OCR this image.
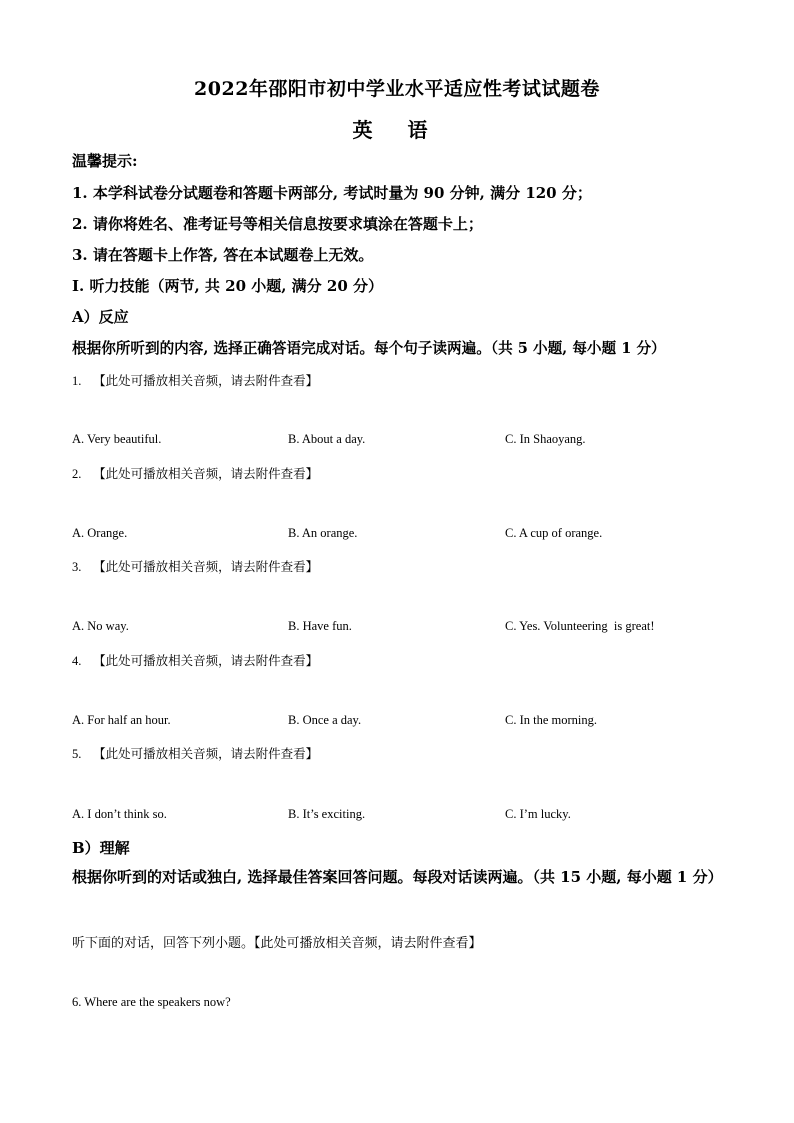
2022年邵阳市初中学业水平适应性考试试题卷
英 语
温馨提示:
1. 本学科试卷分试题卷和答题卡两部分, 考试时量为 90 分钟, 满分 120 分；
2. 请你将姓名、准考证号等相关信息按要求填涂在答题卡上；
3. 请在答题卡上作答, 答在本试题卷上无效。
I. 听力技能（两节, 共 20 小题, 满分 20 分）
A）反应
根据你所听到的内容, 选择正确答语完成对话。每个句子读两遍。（共 5 小题, 每小题 1 分）
1. 【此处可播放相关音频，请去附件查看】
A. Very beautiful.	B. About a day.	C. In Shaoyang.
2. 【此处可播放相关音频，请去附件查看】
A. Orange.	B. An orange.	C. A cup of orange.
3. 【此处可播放相关音频，请去附件查看】
A. No way.	B. Have fun.	C. Yes. Volunteering  is great!
4. 【此处可播放相关音频，请去附件查看】
A. For half an hour.	B. Once a day.	C. In the morning.
5. 【此处可播放相关音频，请去附件查看】
A. I don’t think so.	B. It’s exciting.	C. I’m lucky.
B）理解
根据你听到的对话或独白, 选择最佳答案回答问题。每段对话读两遍。（共 15 小题, 每小题 1 分）
听下面的对话，回答下列小题。【此处可播放相关音频，请去附件查看】
6. Where are the speakers now?
